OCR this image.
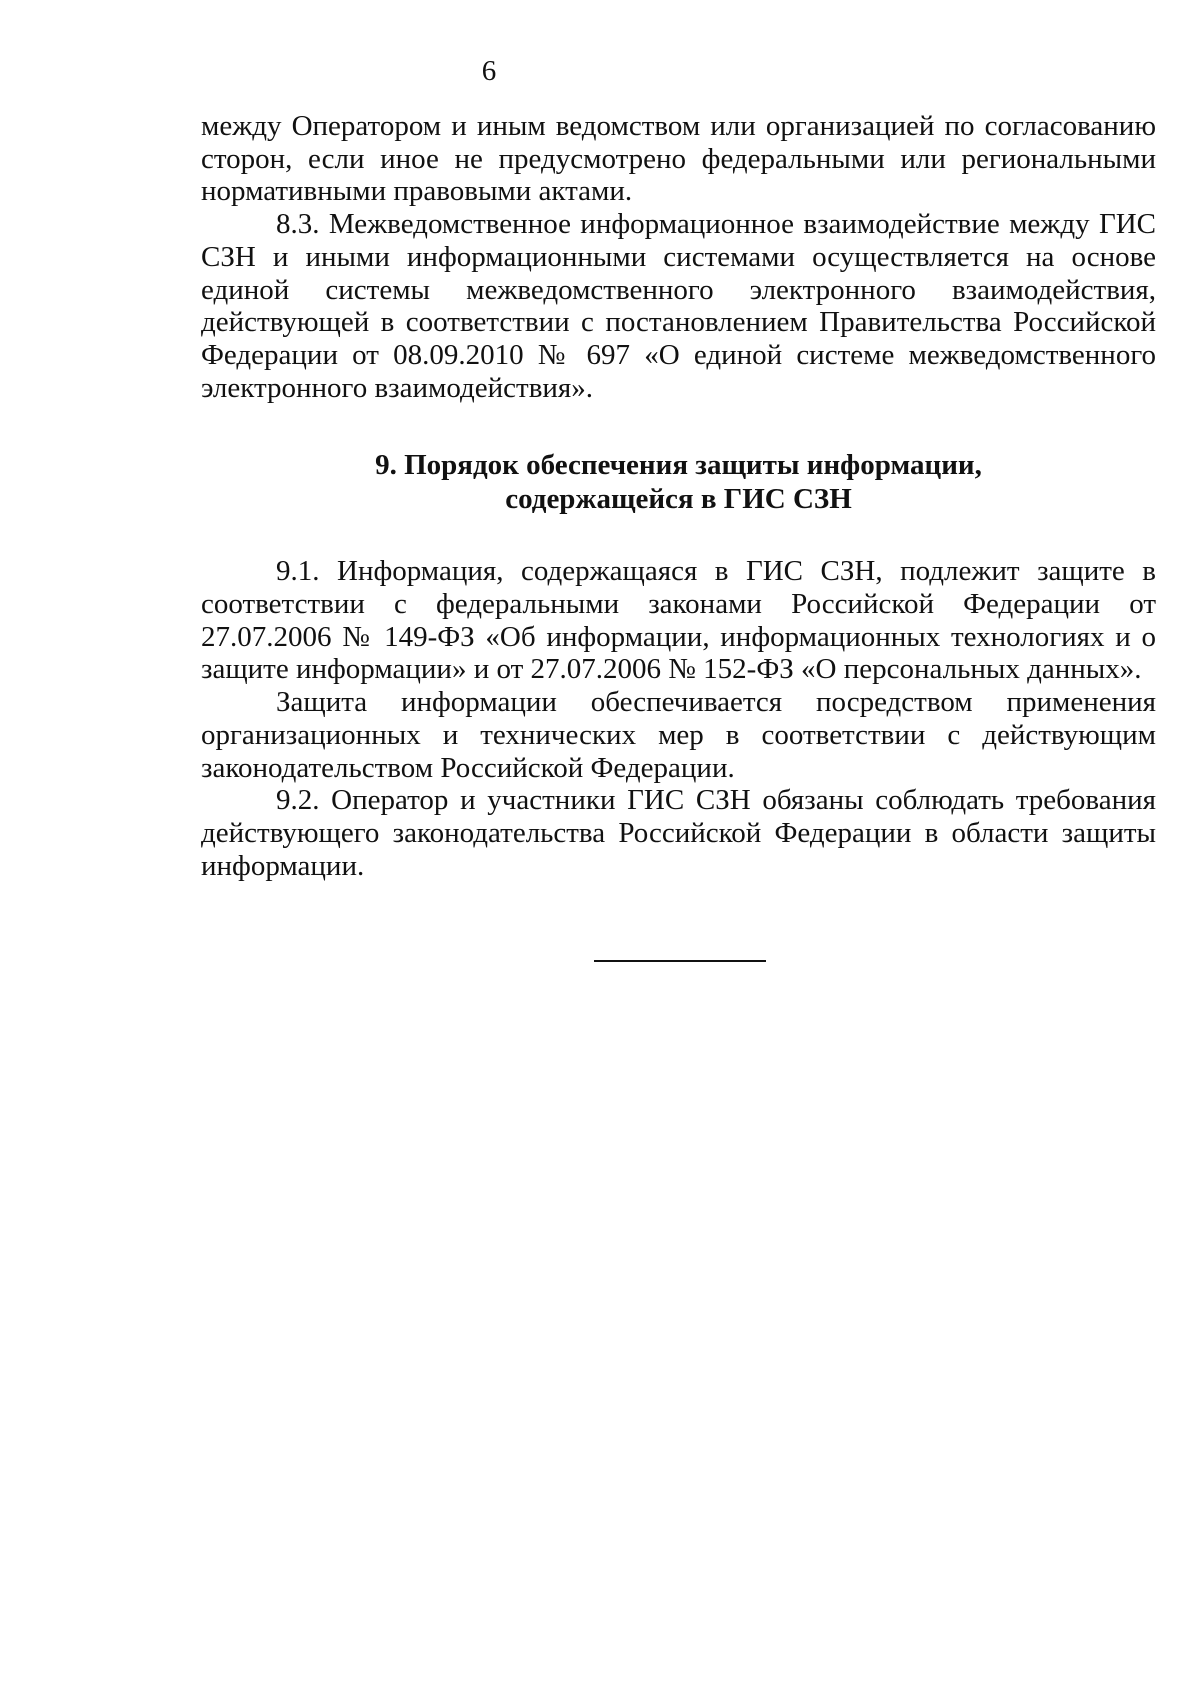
6

между Оператором и иным ведомством или организацией по согласованию сторон, если иное не предусмотрено федеральными или региональными нормативными правовыми актами.

8.3. Межведомственное информационное взаимодействие между ГИС СЗН и иными информационными системами осуществляется на основе единой системы межведомственного электронного взаимодействия, действующей в соответствии с постановлением Правительства Российской Федерации от 08.09.2010 № 697 «О единой системе межведомственного электронного взаимодействия».

9. Порядок обеспечения защиты информации,
содержащейся в ГИС СЗН

9.1. Информация, содержащаяся в ГИС СЗН, подлежит защите в соответствии с федеральными законами Российской Федерации от 27.07.2006 № 149-ФЗ «Об информации, информационных технологиях и о защите информации» и от 27.07.2006 № 152-ФЗ «О персональных данных».

Защита информации обеспечивается посредством применения организационных и технических мер в соответствии с действующим законодательством Российской Федерации.

9.2. Оператор и участники ГИС СЗН обязаны соблюдать требования действующего законодательства Российской Федерации в области защиты информации.
